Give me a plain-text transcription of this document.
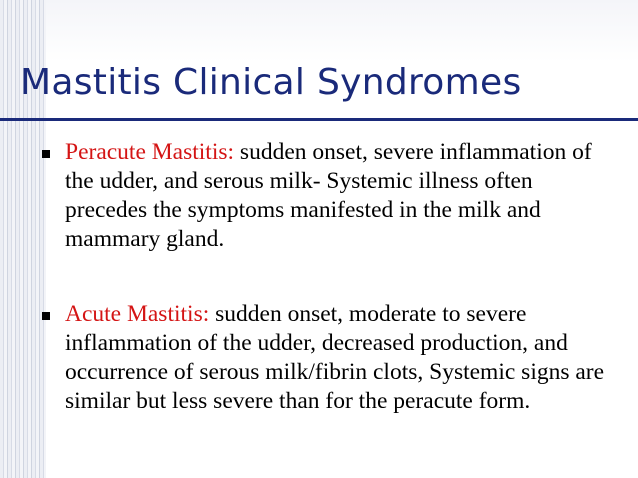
Mastitis Clinical Syndromes
Peracute Mastitis: sudden onset, severe inflammation of the udder, and serous milk- Systemic illness often precedes the symptoms manifested in the milk and mammary gland.
Acute Mastitis: sudden onset, moderate to severe inflammation of the udder, decreased production, and occurrence of serous milk/fibrin clots, Systemic signs are similar but less severe than for the peracute form.
